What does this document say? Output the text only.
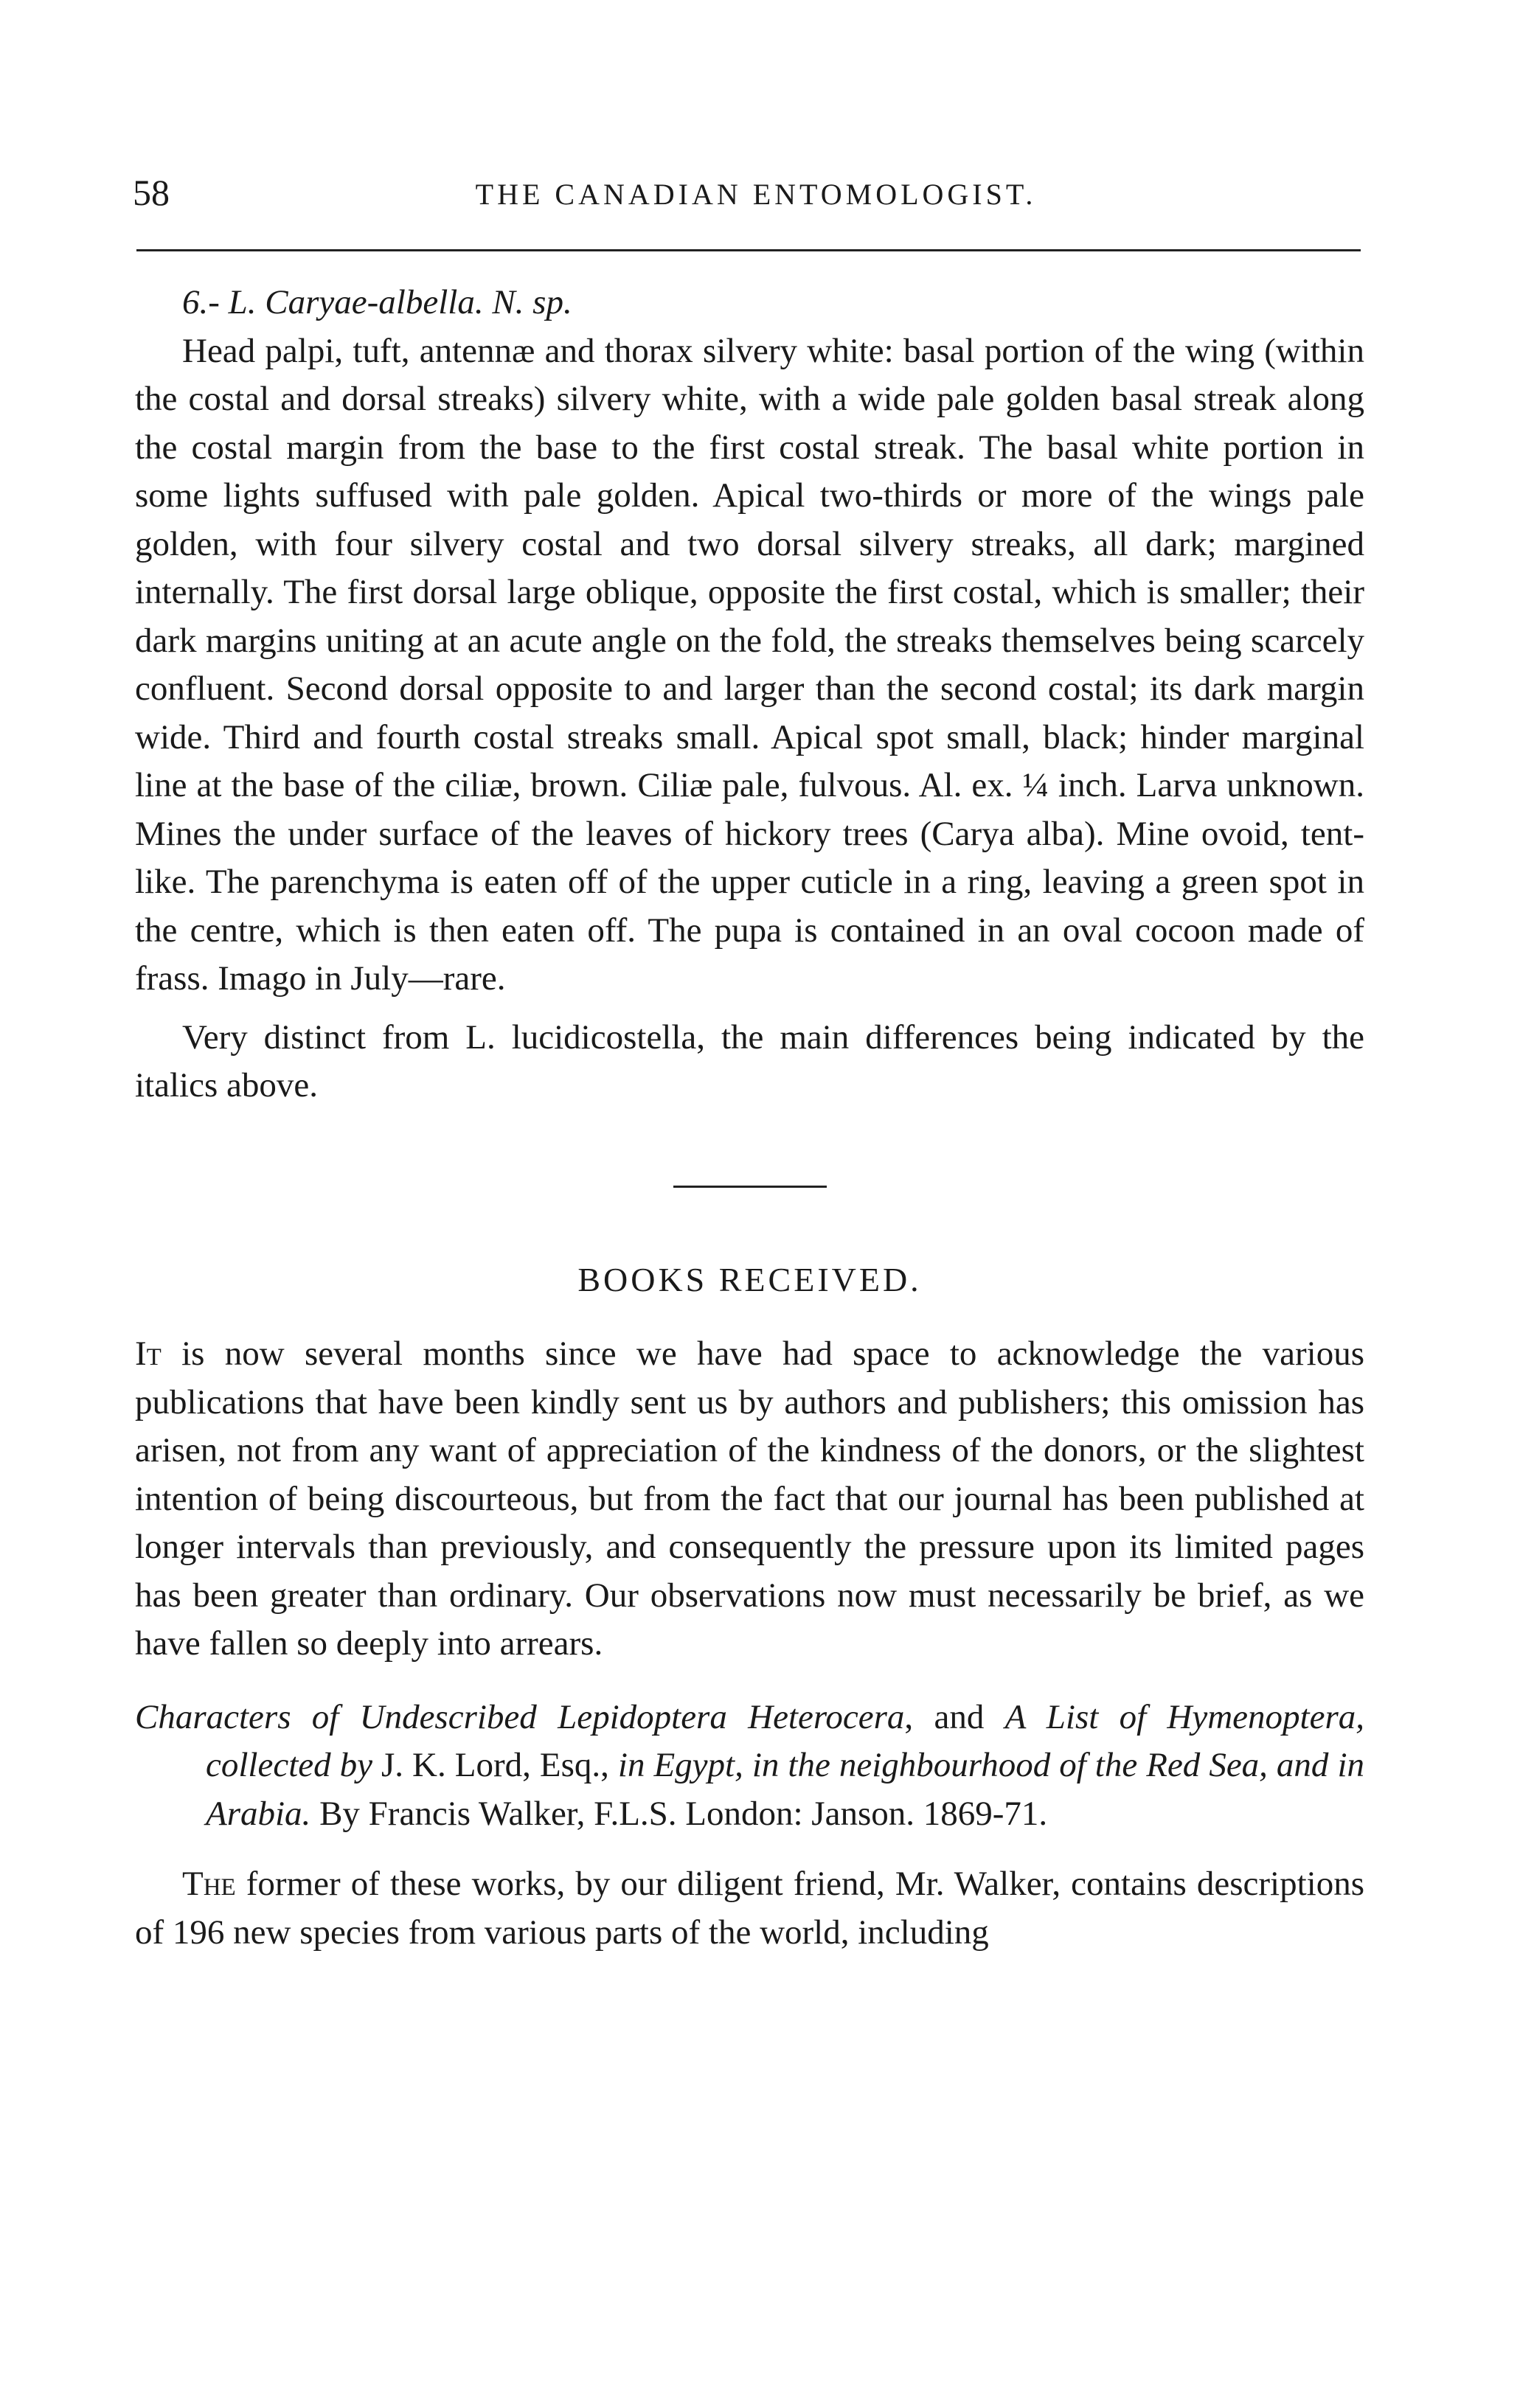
58	THE CANADIAN ENTOMOLOGIST.

6.- L. Caryae-albella. N. sp.

Head palpi, tuft, antennæ and thorax silvery white: basal portion of the wing (within the costal and dorsal streaks) silvery white, with a wide pale golden basal streak along the costal margin from the base to the first costal streak. The basal white portion in some lights suffused with pale golden. Apical two-thirds or more of the wings pale golden, with four silvery costal and two dorsal silvery streaks, all dark; margined internally. The first dorsal large oblique, opposite the first costal, which is smaller; their dark margins uniting at an acute angle on the fold, the streaks themselves being scarcely confluent. Second dorsal opposite to and larger than the second costal; its dark margin wide. Third and fourth costal streaks small. Apical spot small, black; hinder marginal line at the base of the ciliæ, brown. Ciliæ pale, fulvous. Al. ex. ¼ inch. Larva unknown. Mines the under surface of the leaves of hickory trees (Carya alba). Mine ovoid, tent-like. The parenchyma is eaten off of the upper cuticle in a ring, leaving a green spot in the centre, which is then eaten off. The pupa is contained in an oval cocoon made of frass. Imago in July—rare.

Very distinct from L. lucidicostella, the main differences being indicated by the italics above.

BOOKS RECEIVED.

It is now several months since we have had space to acknowledge the various publications that have been kindly sent us by authors and publishers; this omission has arisen, not from any want of appreciation of the kindness of the donors, or the slightest intention of being discourteous, but from the fact that our journal has been published at longer intervals than previously, and consequently the pressure upon its limited pages has been greater than ordinary. Our observations now must necessarily be brief, as we have fallen so deeply into arrears.

Characters of Undescribed Lepidoptera Heterocera, and A List of Hymenoptera, collected by J. K. Lord, Esq., in Egypt, in the neighbourhood of the Red Sea, and in Arabia. By Francis Walker, F.L.S. London: Janson. 1869-71.

The former of these works, by our diligent friend, Mr. Walker, contains descriptions of 196 new species from various parts of the world, including
